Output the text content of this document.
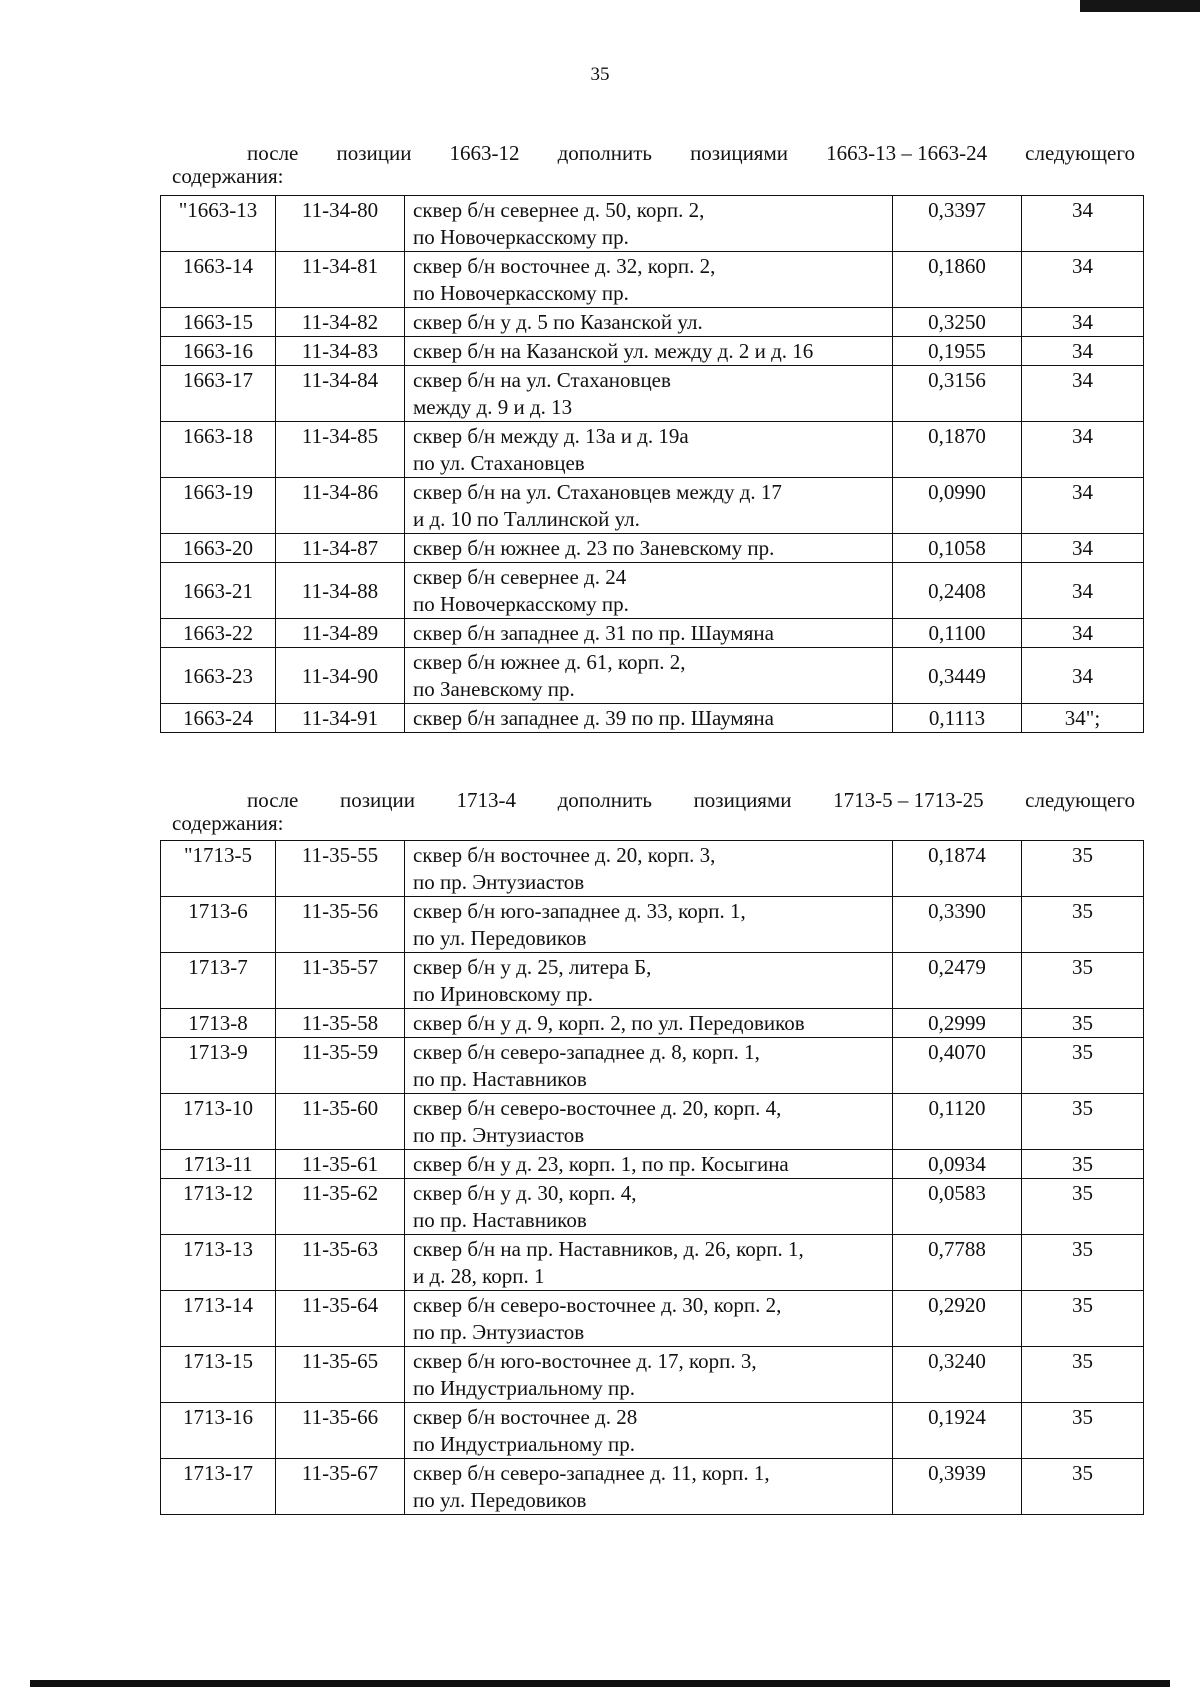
35
после позиции 1663-12 дополнить позициями 1663-13 – 1663-24 следующего
содержания:
"1663-13	11-34-80	сквер б/н севернее д. 50, корп. 2,
по Новочеркасскому пр.	0,3397	34
1663-14	11-34-81	сквер б/н восточнее д. 32, корп. 2,
по Новочеркасскому пр.	0,1860	34
1663-15	11-34-82	сквер б/н у д. 5 по Казанской ул.	0,3250	34
1663-16	11-34-83	сквер б/н на Казанской ул. между д. 2 и д. 16	0,1955	34
1663-17	11-34-84	сквер б/н на ул. Стахановцев
между д. 9 и д. 13	0,3156	34
1663-18	11-34-85	сквер б/н между д. 13а и д. 19а
по ул. Стахановцев	0,1870	34
1663-19	11-34-86	сквер б/н на ул. Стахановцев между д. 17
и д. 10 по Таллинской ул.	0,0990	34
1663-20	11-34-87	сквер б/н южнее д. 23 по Заневскому пр.	0,1058	34
1663-21	11-34-88	сквер б/н севернее д. 24
по Новочеркасскому пр.	0,2408	34
1663-22	11-34-89	сквер б/н западнее д. 31 по пр. Шаумяна	0,1100	34
1663-23	11-34-90	сквер б/н южнее д. 61, корп. 2,
по Заневскому пр.	0,3449	34
1663-24	11-34-91	сквер б/н западнее д. 39 по пр. Шаумяна	0,1113	34";
после позиции 1713-4 дополнить позициями 1713-5 – 1713-25 следующего
содержания:
"1713-5	11-35-55	сквер б/н восточнее д. 20, корп. 3,
по пр. Энтузиастов	0,1874	35
1713-6	11-35-56	сквер б/н юго-западнее д. 33, корп. 1,
по ул. Передовиков	0,3390	35
1713-7	11-35-57	сквер б/н у д. 25, литера Б,
по Ириновскому пр.	0,2479	35
1713-8	11-35-58	сквер б/н у д. 9, корп. 2, по ул. Передовиков	0,2999	35
1713-9	11-35-59	сквер б/н северо-западнее д. 8, корп. 1,
по пр. Наставников	0,4070	35
1713-10	11-35-60	сквер б/н северо-восточнее д. 20, корп. 4,
по пр. Энтузиастов	0,1120	35
1713-11	11-35-61	сквер б/н у д. 23, корп. 1, по пр. Косыгина	0,0934	35
1713-12	11-35-62	сквер б/н у д. 30, корп. 4,
по пр. Наставников	0,0583	35
1713-13	11-35-63	сквер б/н на пр. Наставников, д. 26, корп. 1,
и д. 28, корп. 1	0,7788	35
1713-14	11-35-64	сквер б/н северо-восточнее д. 30, корп. 2,
по пр. Энтузиастов	0,2920	35
1713-15	11-35-65	сквер б/н юго-восточнее д. 17, корп. 3,
по Индустриальному пр.	0,3240	35
1713-16	11-35-66	сквер б/н восточнее д. 28
по Индустриальному пр.	0,1924	35
1713-17	11-35-67	сквер б/н северо-западнее д. 11, корп. 1,
по ул. Передовиков	0,3939	35
